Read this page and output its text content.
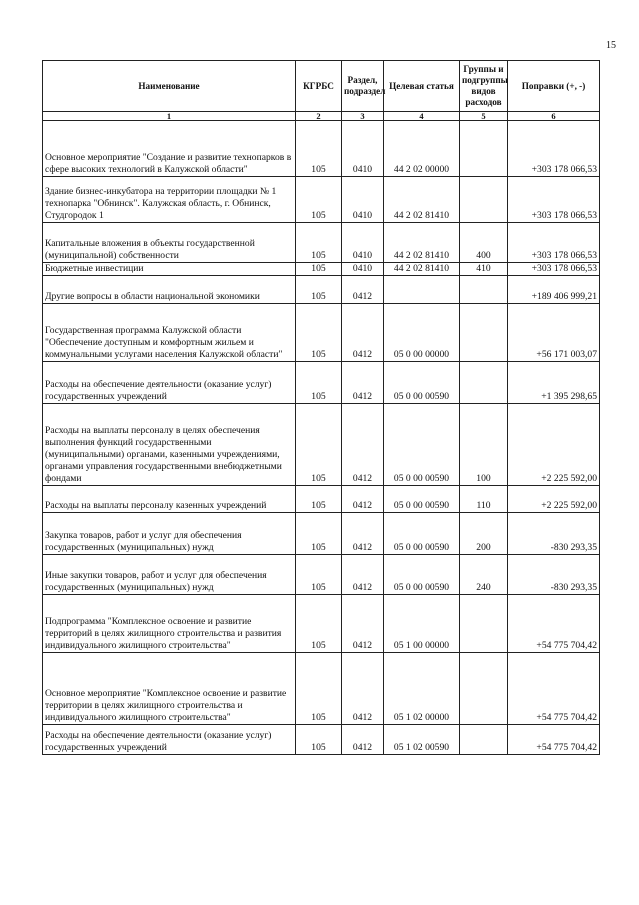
15
Наименование	КГРБС	Раздел, подраздел	Целевая статья	Группы и подгруппы видов расходов	Поправки (+, -)
1	2	3	4	5	6
Основное мероприятие "Создание и развитие технопарков в сфере высоких технологий в Калужской области"	105	0410	44 2 02 00000		+303 178 066,53
Здание бизнес-инкубатора на территории площадки № 1 технопарка "Обнинск". Калужская область, г. Обнинск, Студгородок 1	105	0410	44 2 02 81410		+303 178 066,53
Капитальные вложения в объекты государственной (муниципальной) собственности	105	0410	44 2 02 81410	400	+303 178 066,53
Бюджетные инвестиции	105	0410	44 2 02 81410	410	+303 178 066,53
Другие вопросы в области национальной экономики	105	0412			+189 406 999,21
Государственная программа Калужской области "Обеспечение доступным и комфортным жильем и коммунальными услугами населения Калужской области"	105	0412	05 0 00 00000		+56 171 003,07
Расходы на обеспечение деятельности (оказание услуг) государственных учреждений	105	0412	05 0 00 00590		+1 395 298,65
Расходы на выплаты персоналу в целях обеспечения выполнения функций государственными (муниципальными) органами, казенными учреждениями, органами управления государственными внебюджетными фондами	105	0412	05 0 00 00590	100	+2 225 592,00
Расходы на выплаты персоналу казенных учреждений	105	0412	05 0 00 00590	110	+2 225 592,00
Закупка товаров, работ и услуг для обеспечения государственных (муниципальных) нужд	105	0412	05 0 00 00590	200	-830 293,35
Иные закупки товаров, работ и услуг для обеспечения государственных (муниципальных) нужд	105	0412	05 0 00 00590	240	-830 293,35
Подпрограмма "Комплексное освоение и развитие территорий в целях жилищного строительства и развития индивидуального жилищного строительства"	105	0412	05 1 00 00000		+54 775 704,42
Основное мероприятие "Комплексное освоение и развитие территории в целях жилищного строительства и индивидуального жилищного строительства"	105	0412	05 1 02 00000		+54 775 704,42
Расходы на обеспечение деятельности (оказание услуг) государственных учреждений	105	0412	05 1 02 00590		+54 775 704,42
